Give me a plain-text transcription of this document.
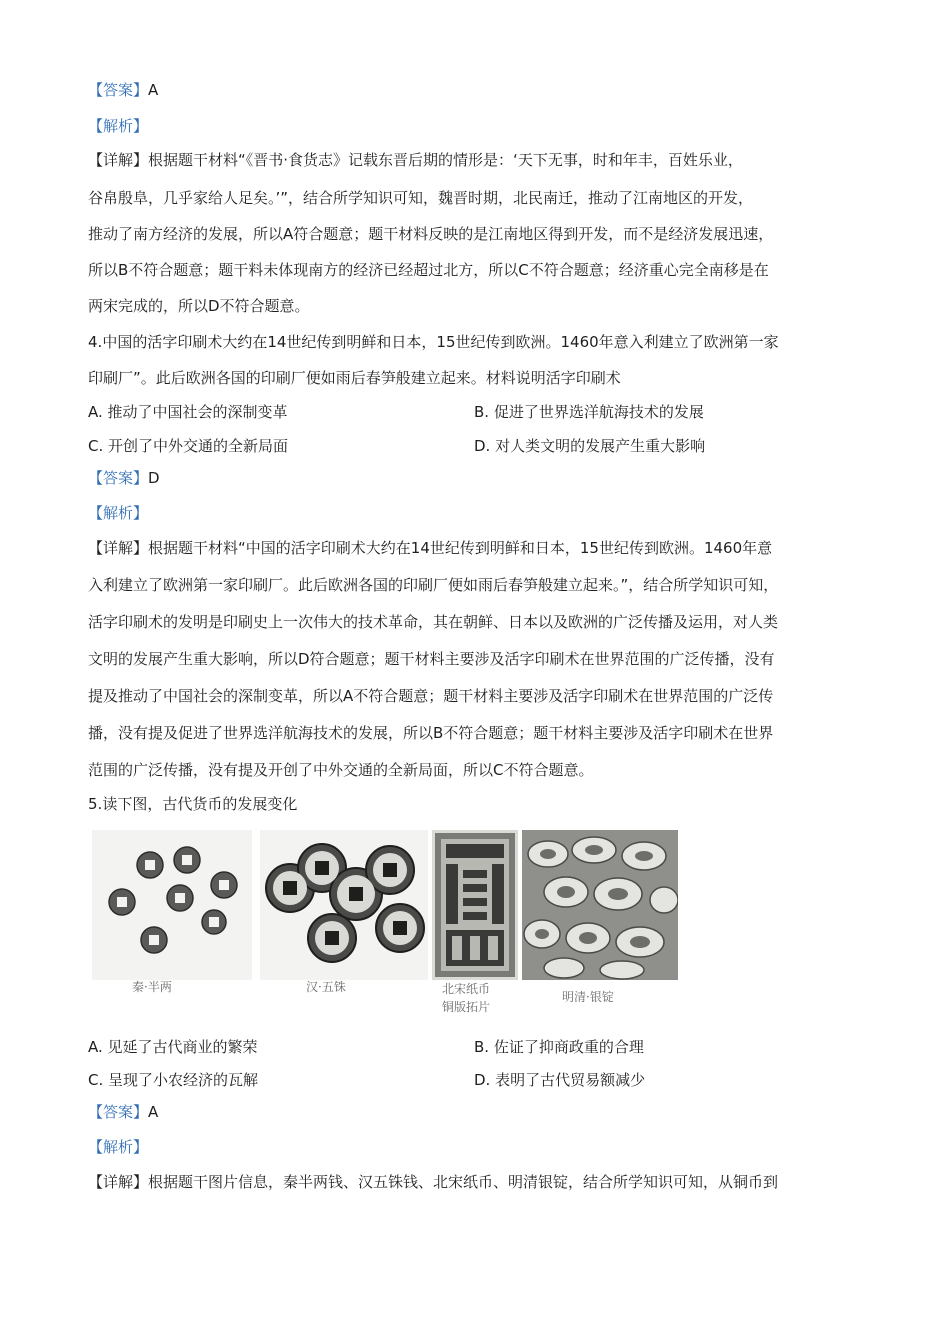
【答案】A
【解析】
【详解】根据题干材料“《晋书·食货志》记载东晋后期的情形是：‘天下无事，时和年丰，百姓乐业，
谷帛殷阜，几乎家给人足矣。’”，结合所学知识可知，魏晋时期，北民南迁，推动了江南地区的开发，
推动了南方经济的发展，所以A符合题意；题干材料反映的是江南地区得到开发，而不是经济发展迅速，
所以B不符合题意；题干料未体现南方的经济已经超过北方，所以C不符合题意；经济重心完全南移是在
两宋完成的，所以D不符合题意。
4.中国的活字印刷术大约在14世纪传到明鲜和日本，15世纪传到欧洲。1460年意入利建立了欧洲第一家
印刷厂”。此后欧洲各国的印刷厂便如雨后春笋般建立起来。材料说明活字印刷术
A. 推动了中国社会的深制变革	B. 促进了世界选洋航海技术的发展
C. 开创了中外交通的全新局面	D. 对人类文明的发展产生重大影响
【答案】D
【解析】
【详解】根据题干材料“中国的活字印刷术大约在14世纪传到明鲜和日本，15世纪传到欧洲。1460年意
入利建立了欧洲第一家印刷厂。此后欧洲各国的印刷厂便如雨后春笋般建立起来。”，结合所学知识可知，
活字印刷术的发明是印刷史上一次伟大的技术革命，其在朝鲜、日本以及欧洲的广泛传播及运用，对人类
文明的发展产生重大影响，所以D符合题意；题干材料主要涉及活字印刷术在世界范围的广泛传播，没有
提及推动了中国社会的深制变革，所以A不符合题意；题干材料主要涉及活字印刷术在世界范围的广泛传
播，没有提及促进了世界选洋航海技术的发展，所以B不符合题意；题干材料主要涉及活字印刷术在世界
范围的广泛传播，没有提及开创了中外交通的全新局面，所以C不符合题意。
5.读下图，古代货币的发展变化
秦·半两	汉·五铢	北宋纸币
铜版拓片
明清·银锭
A. 见延了古代商业的繁荣	B. 佐证了抑商政重的合理
C. 呈现了小农经济的瓦解	D. 表明了古代贸易额减少
【答案】A
【解析】
【详解】根据题干图片信息，秦半两钱、汉五铢钱、北宋纸币、明清银锭，结合所学知识可知，从铜币到
